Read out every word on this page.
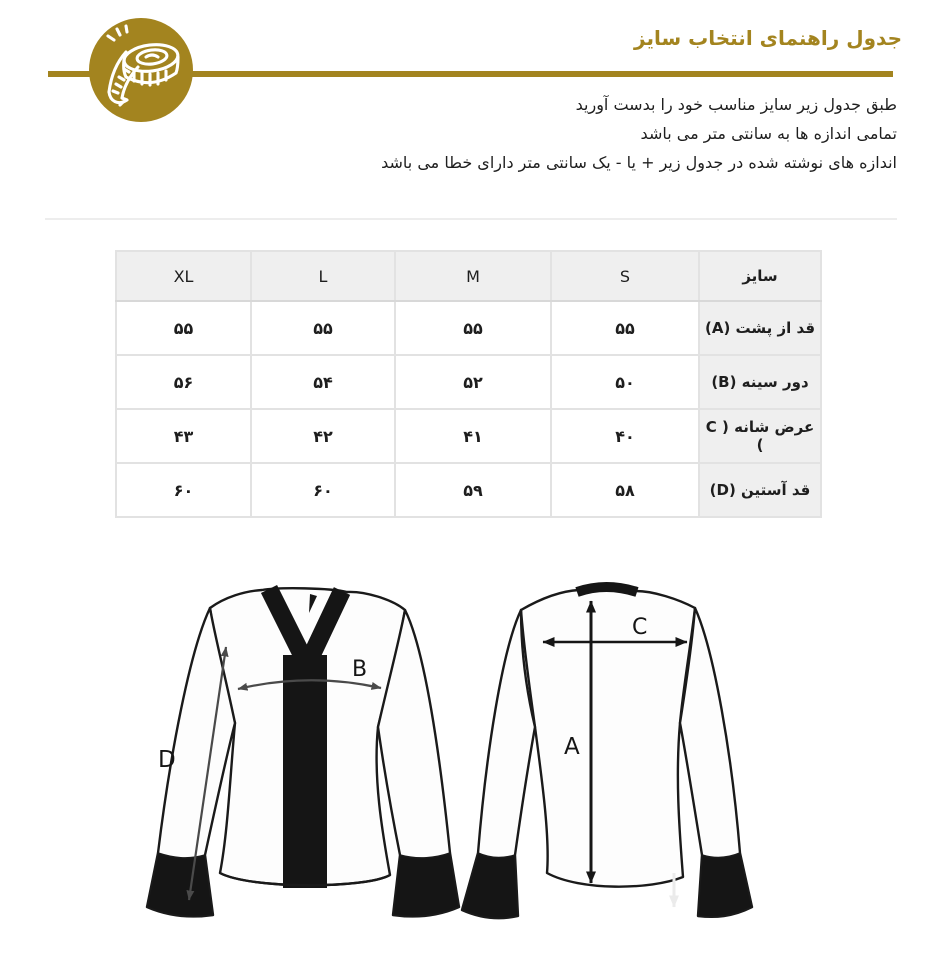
جدول راهنمای انتخاب سایز

طبق جدول زیر سایز مناسب خود را بدست آورید

تمامی اندازه ها به سانتی متر می باشد

اندازه های نوشته شده در جدول زیر + یا - یک سانتی متر دارای خطا می باشد

سایز	S	M	L	XL
قد از پشت (A)	۵۵	۵۵	۵۵	۵۵
دور سینه (B)	۵۰	۵۲	۵۴	۵۶
عرض شانه ( C )	۴۰	۴۱	۴۲	۴۳
قد آستین (D)	۵۸	۵۹	۶۰	۶۰
B
D	A
C
